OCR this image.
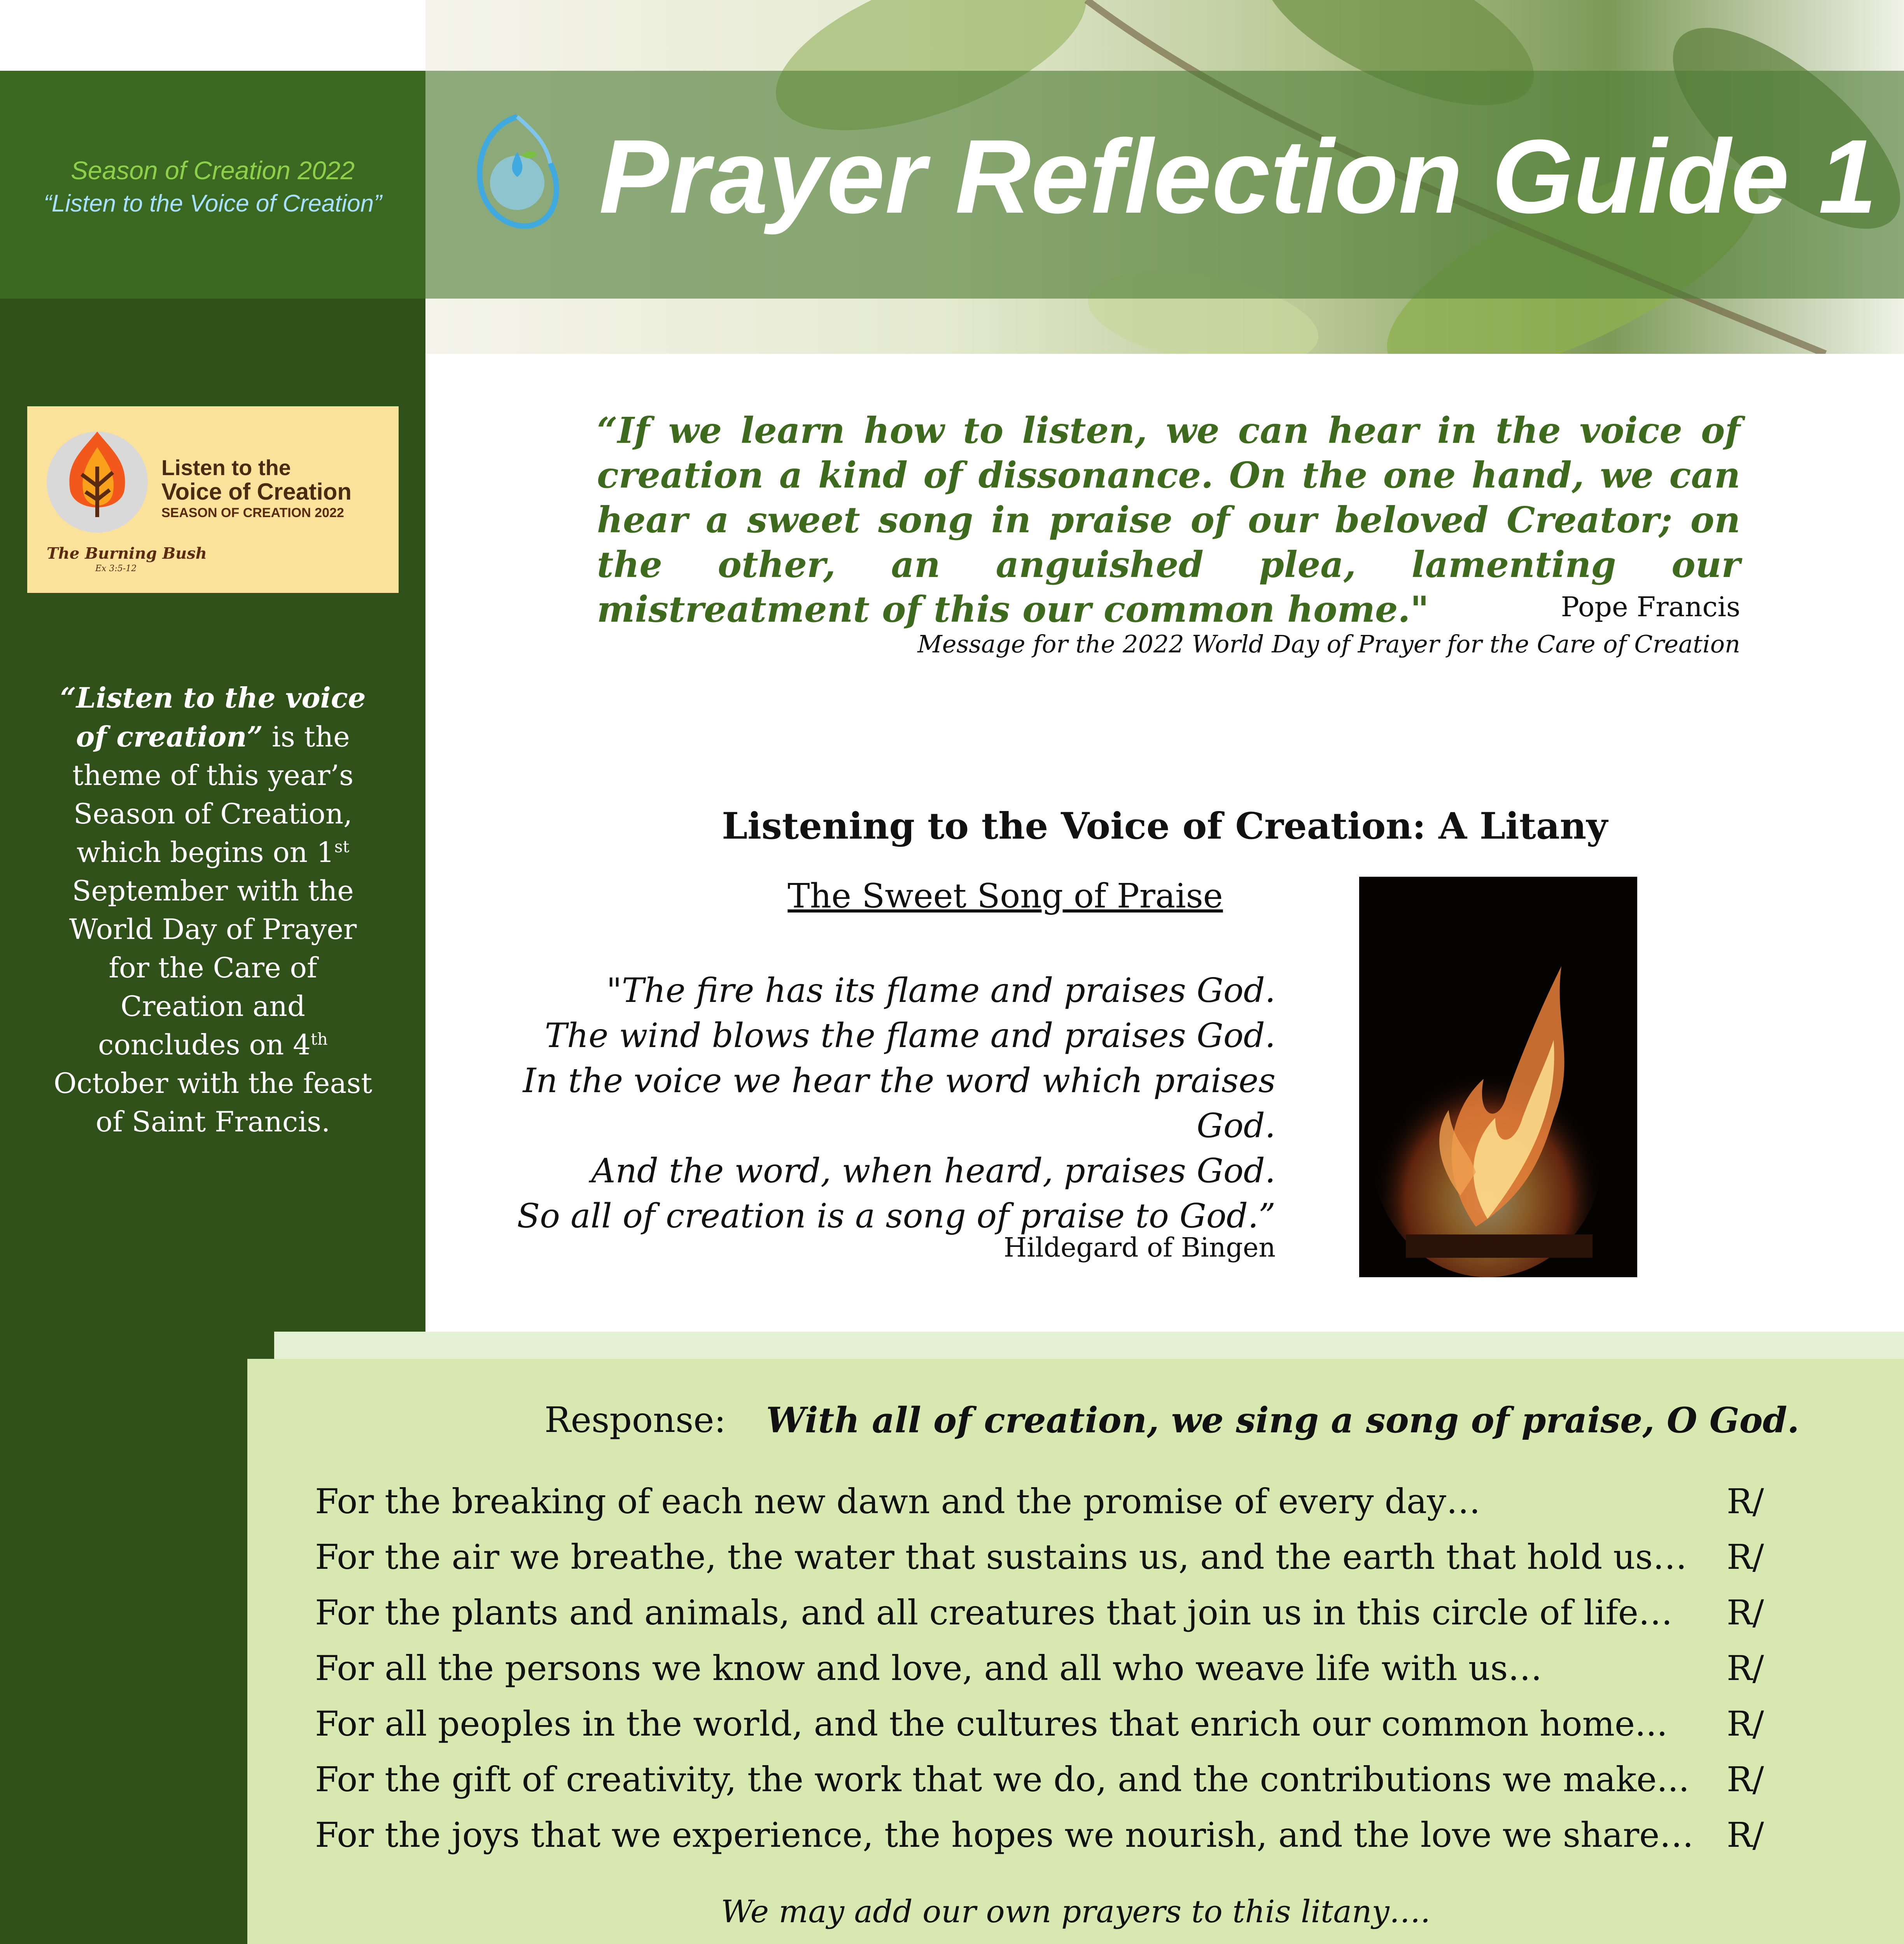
Season of Creation 2022
“Listen to the Voice of Creation”
Listen to the
Voice of Creation
SEASON OF CREATION 2022
The Burning Bush
Ex 3:5-12
“Listen to the voice of creation” is the theme of this year’s Season of Creation, which begins on 1st September with the World Day of Prayer for the Care of Creation and concludes on 4th October with the feast of Saint Francis.
Prayer Reflection Guide 1
“If we learn how to listen, we can hear in the voice of creation a kind of dissonance. On the one hand, we can hear a sweet song in praise of our beloved Creator; on the other, an anguished plea, lamenting our mistreatment of this our common home."	Pope Francis
Message for the 2022 World Day of Prayer for the Care of Creation
Listening to the Voice of Creation: A Litany
The Sweet Song of Praise
"The fire has its flame and praises God.
The wind blows the flame and praises God.
In the voice we hear the word which praises God.
And the word, when heard, praises God.
So all of creation is a song of praise to God.”
Hildegard of Bingen
Response: With all of creation, we sing a song of praise, O God.
For the breaking of each new dawn and the promise of every day…	R/
For the air we breathe, the water that sustains us, and the earth that hold us… R/
For the plants and animals, and all creatures that join us in this circle of life… R/
For all the persons we know and love, and all who weave life with us…	R/
For all peoples in the world, and the cultures that enrich our common home... R/
For the gift of creativity, the work that we do, and the contributions we make... R/
For the joys that we experience, the hopes we nourish, and the love we share… R/
We may add our own prayers to this litany….
